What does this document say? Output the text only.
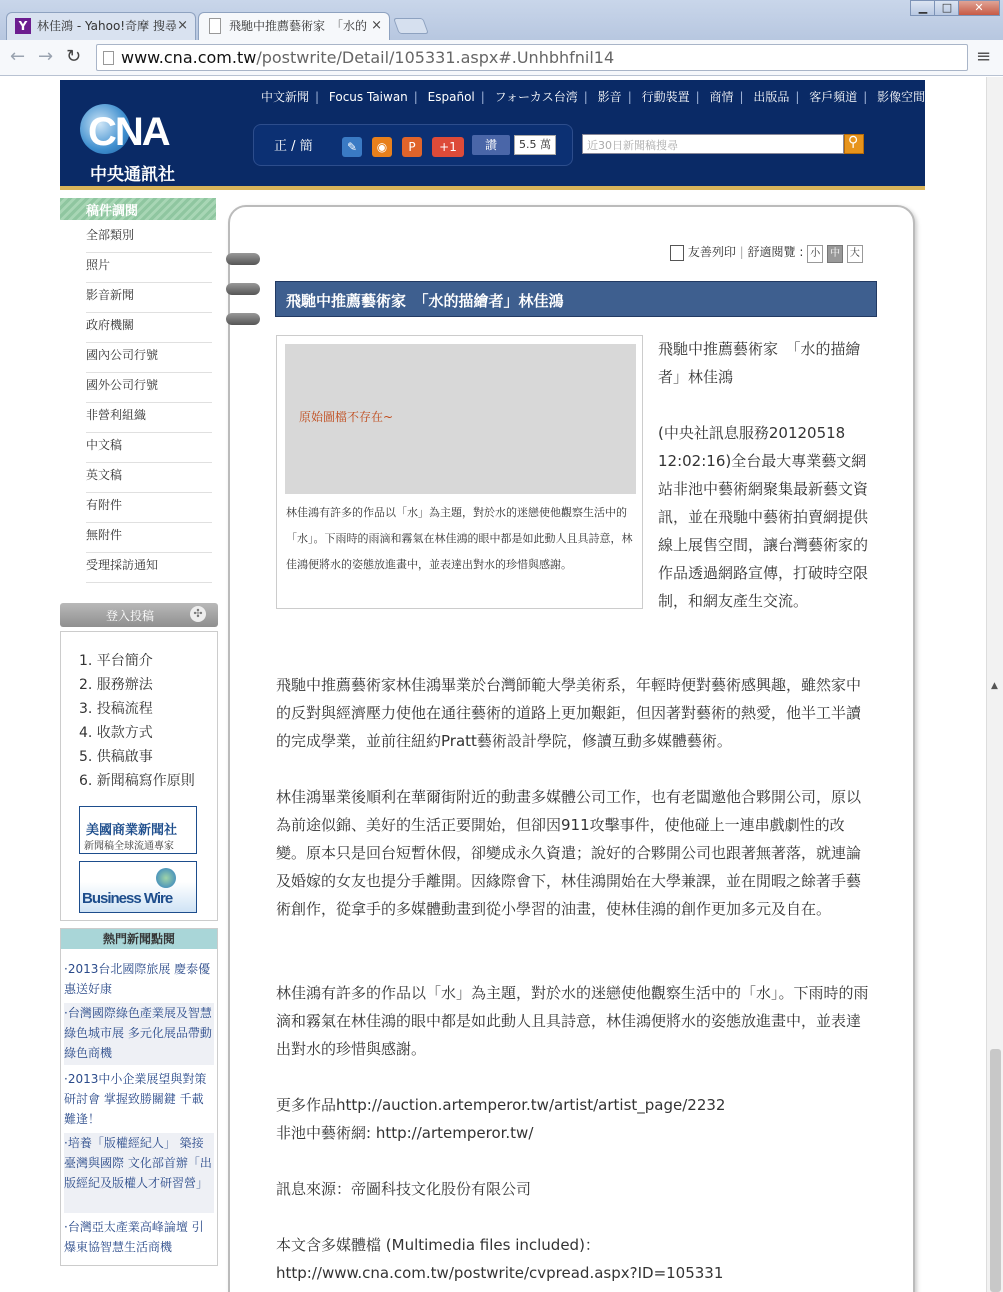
Y 林佳鴻 - Yahoo!奇摩 搜尋 ×	飛馳中推薦藝術家　「水的 ×
▁	□	✕
← → ↻	≡
www.cna.com.tw/postwrite/Detail/105331.aspx#.Unhbhfnil14
中文新聞 | Focus Taiwan | Español | フォーカス台湾 | 影音 | 行動裝置 | 商情 | 出版品 | 客戶頻道 | 影像空間
CNA
中央通訊社
正 / 簡	✎	◉	P	+1	讚	5.5 萬	近30日新聞稿搜尋	⚲
稿件調閱
全部類別
照片
影音新聞
政府機關
國內公司行號
國外公司行號
非營利組織
中文稿
英文稿
有附件
無附件
受理採訪通知
登入投稿	✣
1. 平台簡介
2. 服務辦法
3. 投稿流程
4. 收款方式
5. 供稿啟事
6. 新聞稿寫作原則
美國商業新聞社
新聞稿全球流通專家
Business Wire
熱門新聞點閱
·2013台北國際旅展 慶泰優惠送好康
·台灣國際綠色產業展及智慧綠色城市展 多元化展品帶動綠色商機
·2013中小企業展望與對策研討會 掌握致勝關鍵 千載難逢！
·培養「版權經紀人」 築接臺灣與國際 文化部首辦「出版經紀及版權人才研習營」
·台灣亞太產業高峰論壇 引爆東協智慧生活商機
友善列印 | 舒適閱覽 : 小 中 大
飛馳中推薦藝術家　「水的描繪者」林佳鴻
原始圖檔不存在~
林佳鴻有許多的作品以「水」為主題，對於水的迷戀使他觀察生活中的「水」。下雨時的雨滴和霧氣在林佳鴻的眼中都是如此動人且具詩意，林佳鴻便將水的姿態放進畫中，並表達出對水的珍惜與感謝。
飛馳中推薦藝術家　「水的描繪者」林佳鴻
(中央社訊息服務20120518 12:02:16)全台最大專業藝文網站非池中藝術網聚集最新藝文資訊，並在飛馳中藝術拍賣網提供線上展售空間，讓台灣藝術家的作品透過網路宣傳，打破時空限制，和網友產生交流。
飛馳中推薦藝術家林佳鴻畢業於台灣師範大學美術系，年輕時便對藝術感興趣，雖然家中的反對與經濟壓力使他在通往藝術的道路上更加艱鉅，但因著對藝術的熱愛，他半工半讀的完成學業，並前往紐約Pratt藝術設計學院，修讀互動多媒體藝術。
林佳鴻畢業後順利在華爾街附近的動畫多媒體公司工作，也有老闆邀他合夥開公司，原以為前途似錦、美好的生活正要開始，但卻因911攻擊事件，使他碰上一連串戲劇性的改變。原本只是回台短暫休假，卻變成永久資遣；說好的合夥開公司也跟著無著落，就連論及婚嫁的女友也提分手離開。因緣際會下，林佳鴻開始在大學兼課，並在閒暇之餘著手藝術創作，從拿手的多媒體動畫到從小學習的油畫，使林佳鴻的創作更加多元及自在。
林佳鴻有許多的作品以「水」為主題，對於水的迷戀使他觀察生活中的「水」。下雨時的雨滴和霧氣在林佳鴻的眼中都是如此動人且具詩意，林佳鴻便將水的姿態放進畫中，並表達出對水的珍惜與感謝。
更多作品http://auction.artemperor.tw/artist/artist_page/2232
非池中藝術網: http://artemperor.tw/
訊息來源：帝圖科技文化股份有限公司
本文含多媒體檔 (Multimedia files included)：
http://www.cna.com.tw/postwrite/cvpread.aspx?ID=105331
▲
